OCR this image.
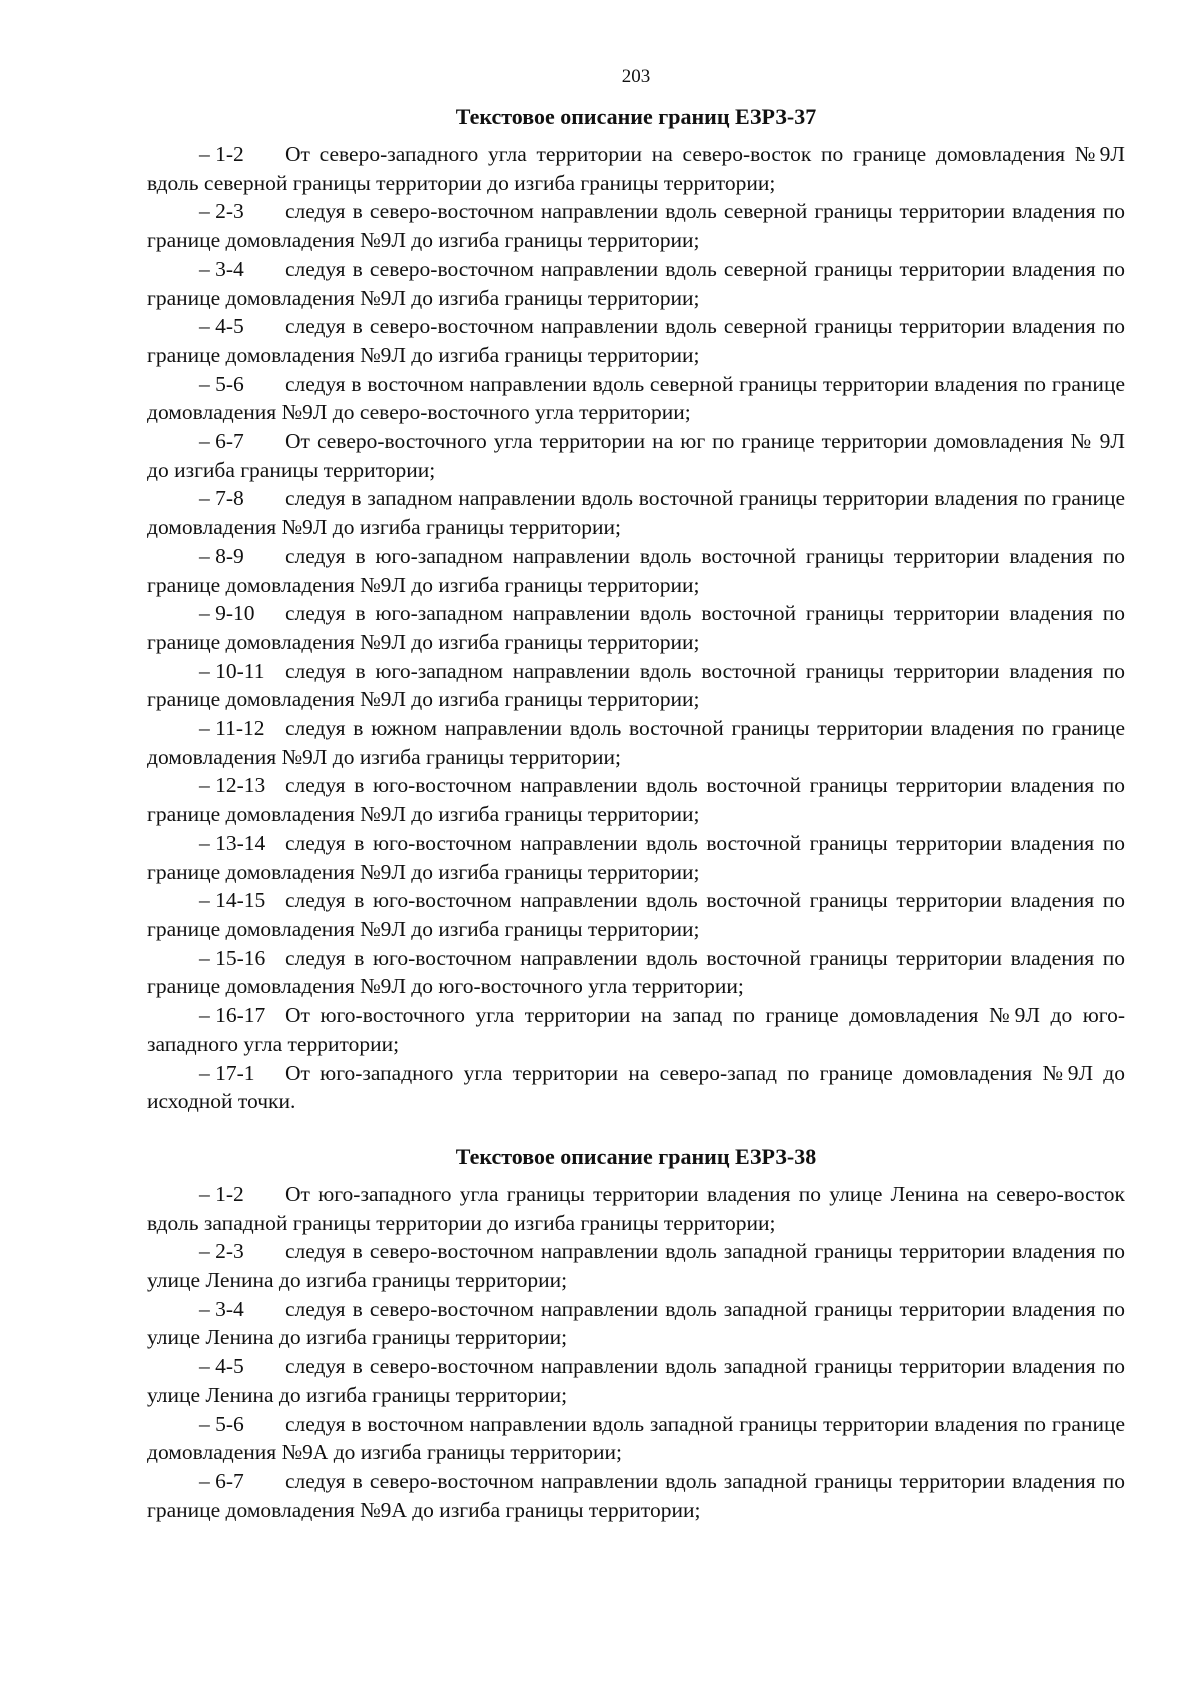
203
Текстовое описание границ ЕЗРЗ-37

– 1-2 От северо-западного угла территории на северо-восток по границе домовладения №9Л вдоль северной границы территории до изгиба границы территории;

– 2-3 следуя в северо-восточном направлении вдоль северной границы территории владения по границе домовладения №9Л до изгиба границы территории;

– 3-4 следуя в северо-восточном направлении вдоль северной границы территории владения по границе домовладения №9Л до изгиба границы территории;

– 4-5 следуя в северо-восточном направлении вдоль северной границы территории владения по границе домовладения №9Л до изгиба границы территории;

– 5-6 следуя в восточном направлении вдоль северной границы территории владения по границе домовладения №9Л до северо-восточного угла территории;

– 6-7 От северо-восточного угла территории на юг по границе территории домовладения № 9Л до изгиба границы территории;

– 7-8 следуя в западном направлении вдоль восточной границы территории владения по границе домовладения №9Л до изгиба границы территории;

– 8-9 следуя в юго-западном направлении вдоль восточной границы территории владения по границе домовладения №9Л до изгиба границы территории;

– 9-10 следуя в юго-западном направлении вдоль восточной границы территории владения по границе домовладения №9Л до изгиба границы территории;

– 10-11 следуя в юго-западном направлении вдоль восточной границы территории владения по границе домовладения №9Л до изгиба границы территории;

– 11-12 следуя в южном направлении вдоль восточной границы территории владения по границе домовладения №9Л до изгиба границы территории;

– 12-13 следуя в юго-восточном направлении вдоль восточной границы территории владения по границе домовладения №9Л до изгиба границы территории;

– 13-14 следуя в юго-восточном направлении вдоль восточной границы территории владения по границе домовладения №9Л до изгиба границы территории;

– 14-15 следуя в юго-восточном направлении вдоль восточной границы территории владения по границе домовладения №9Л до изгиба границы территории;

– 15-16 следуя в юго-восточном направлении вдоль восточной границы территории владения по границе домовладения №9Л до юго-восточного угла территории;

– 16-17 От юго-восточного угла территории на запад по границе домовладения №9Л до юго-западного угла территории;

– 17-1 От юго-западного угла территории на северо-запад по границе домовладения №9Л до исходной точки.

Текстовое описание границ ЕЗРЗ-38

– 1-2 От юго-западного угла границы территории владения по улице Ленина на северо-восток вдоль западной границы территории до изгиба границы территории;

– 2-3 следуя в северо-восточном направлении вдоль западной границы территории владения по улице Ленина до изгиба границы территории;

– 3-4 следуя в северо-восточном направлении вдоль западной границы территории владения по улице Ленина до изгиба границы территории;

– 4-5 следуя в северо-восточном направлении вдоль западной границы территории владения по улице Ленина до изгиба границы территории;

– 5-6 следуя в восточном направлении вдоль западной границы территории владения по границе домовладения №9А до изгиба границы территории;

– 6-7 следуя в северо-восточном направлении вдоль западной границы территории владения по границе домовладения №9А до изгиба границы территории;
